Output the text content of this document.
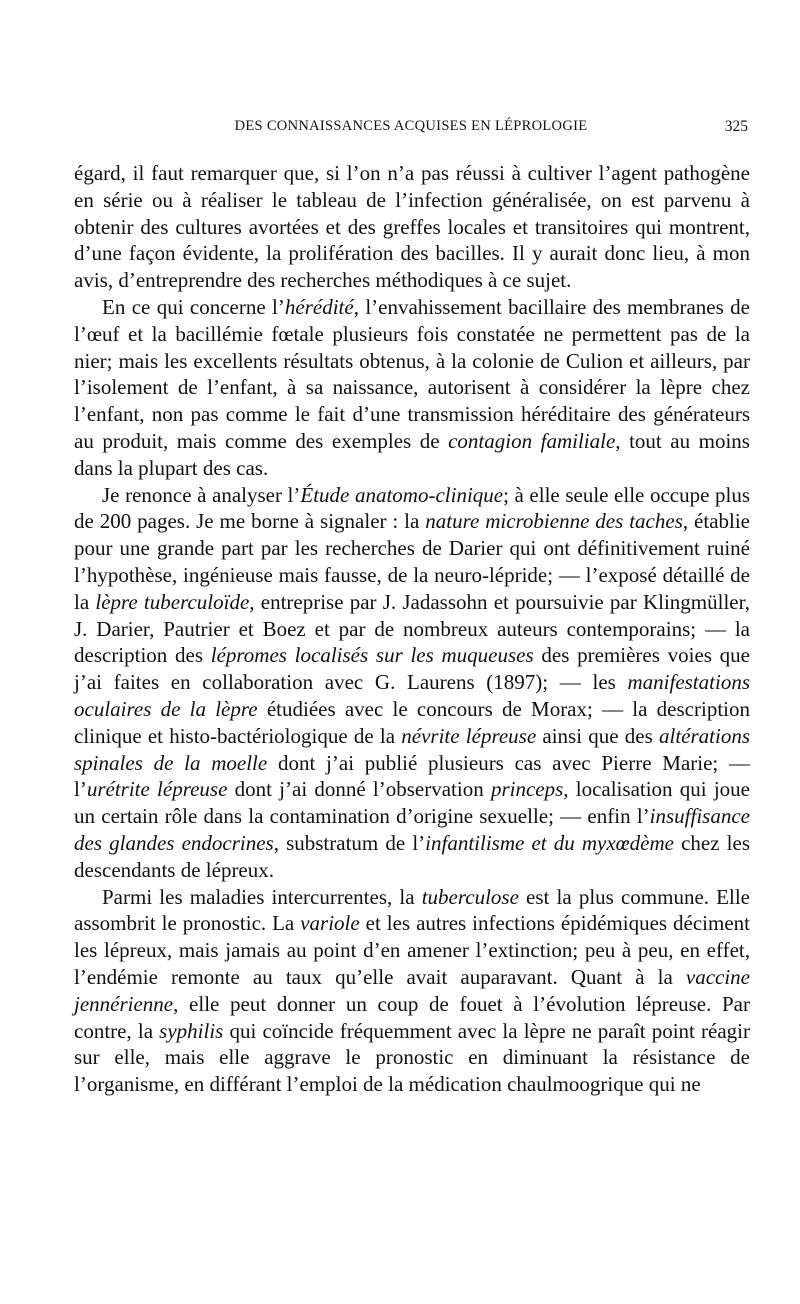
DES CONNAISSANCES ACQUISES EN LÉPROLOGIE	325

égard, il faut remarquer que, si l’on n’a pas réussi à cultiver l’agent pathogène en série ou à réaliser le tableau de l’infection généralisée, on est parvenu à obtenir des cultures avortées et des greffes locales et transitoires qui montrent, d’une façon évidente, la prolifération des bacilles. Il y aurait donc lieu, à mon avis, d’entreprendre des recherches méthodiques à ce sujet.

En ce qui concerne l’hérédité, l’envahissement bacillaire des membranes de l’œuf et la bacillémie fœtale plusieurs fois constatée ne permettent pas de la nier; mais les excellents résultats obtenus, à la colonie de Culion et ailleurs, par l’isolement de l’enfant, à sa naissance, autorisent à considérer la lèpre chez l’enfant, non pas comme le fait d’une transmission héréditaire des générateurs au produit, mais comme des exemples de contagion familiale, tout au moins dans la plupart des cas.

Je renonce à analyser l’Étude anatomo-clinique; à elle seule elle occupe plus de 200 pages. Je me borne à signaler : la nature microbienne des taches, établie pour une grande part par les recherches de Darier qui ont définitivement ruiné l’hypothèse, ingénieuse mais fausse, de la neuro-lépride; — l’exposé détaillé de la lèpre tuberculoïde, entreprise par J. Jadassohn et poursuivie par Klingmüller, J. Darier, Pautrier et Boez et par de nombreux auteurs contemporains; — la description des lépromes localisés sur les muqueuses des premières voies que j’ai faites en collaboration avec G. Laurens (1897); — les manifestations oculaires de la lèpre étudiées avec le concours de Morax; — la description clinique et histo-bactériologique de la névrite lépreuse ainsi que des altérations spinales de la moelle dont j’ai publié plusieurs cas avec Pierre Marie; — l’urétrite lépreuse dont j’ai donné l’observation princeps, localisation qui joue un certain rôle dans la contamination d’origine sexuelle; — enfin l’insuffisance des glandes endocrines, substratum de l’infantilisme et du myxœdème chez les descendants de lépreux.

Parmi les maladies intercurrentes, la tuberculose est la plus commune. Elle assombrit le pronostic. La variole et les autres infections épidémiques déciment les lépreux, mais jamais au point d’en amener l’extinction; peu à peu, en effet, l’endémie remonte au taux qu’elle avait auparavant. Quant à la vaccine jennérienne, elle peut donner un coup de fouet à l’évolution lépreuse. Par contre, la syphilis qui coïncide fréquemment avec la lèpre ne paraît point réagir sur elle, mais elle aggrave le pronostic en diminuant la résistance de l’organisme, en différant l’emploi de la médication chaulmoogrique qui ne
